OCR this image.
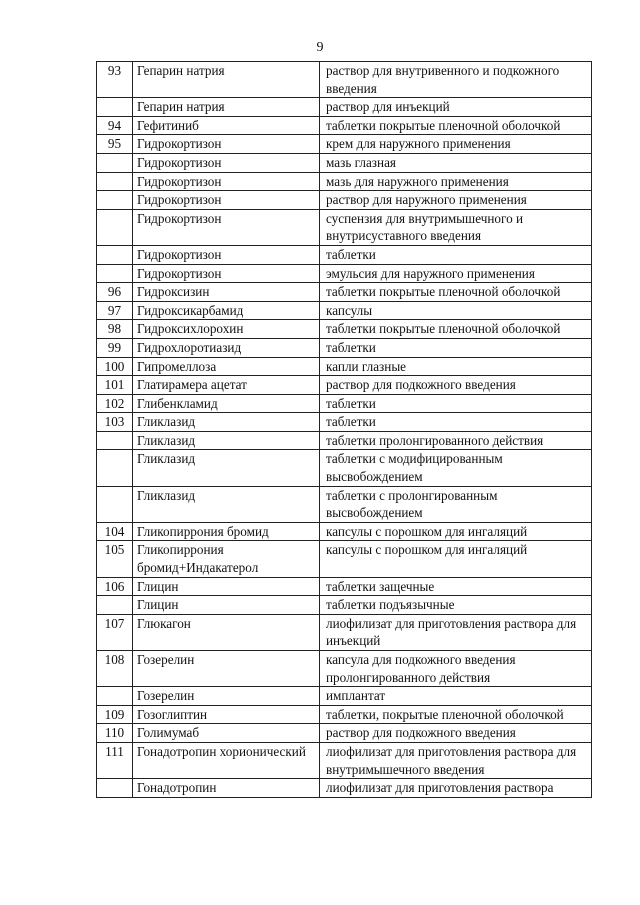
9
93	Гепарин натрия	раствор для внутривенного и подкожного введения
	Гепарин натрия	раствор для инъекций
94	Гефитиниб	таблетки покрытые пленочной оболочкой
95	Гидрокортизон	крем для наружного применения
	Гидрокортизон	мазь глазная
	Гидрокортизон	мазь для наружного применения
	Гидрокортизон	раствор для наружного применения
	Гидрокортизон	суспензия для внутримышечного и внутрисуставного введения
	Гидрокортизон	таблетки
	Гидрокортизон	эмульсия для наружного применения
96	Гидроксизин	таблетки покрытые пленочной оболочкой
97	Гидроксикарбамид	капсулы
98	Гидроксихлорохин	таблетки покрытые пленочной оболочкой
99	Гидрохлоротиазид	таблетки
100	Гипромеллоза	капли глазные
101	Глатирамера ацетат	раствор для подкожного введения
102	Глибенкламид	таблетки
103	Гликлазид	таблетки
	Гликлазид	таблетки пролонгированного действия
	Гликлазид	таблетки с модифицированным высвобождением
	Гликлазид	таблетки с пролонгированным высвобождением
104	Гликопиррония бромид	капсулы с порошком для ингаляций
105	Гликопиррония бромид+Индакатерол	капсулы с порошком для ингаляций
106	Глицин	таблетки защечные
	Глицин	таблетки подъязычные
107	Глюкагон	лиофилизат для приготовления раствора для инъекций
108	Гозерелин	капсула для подкожного введения пролонгированного действия
	Гозерелин	имплантат
109	Гозоглиптин	таблетки, покрытые пленочной оболочкой
110	Голимумаб	раствор для подкожного введения
111	Гонадотропин хорионический	лиофилизат для приготовления раствора для внутримышечного введения
	Гонадотропин	лиофилизат для приготовления раствора
